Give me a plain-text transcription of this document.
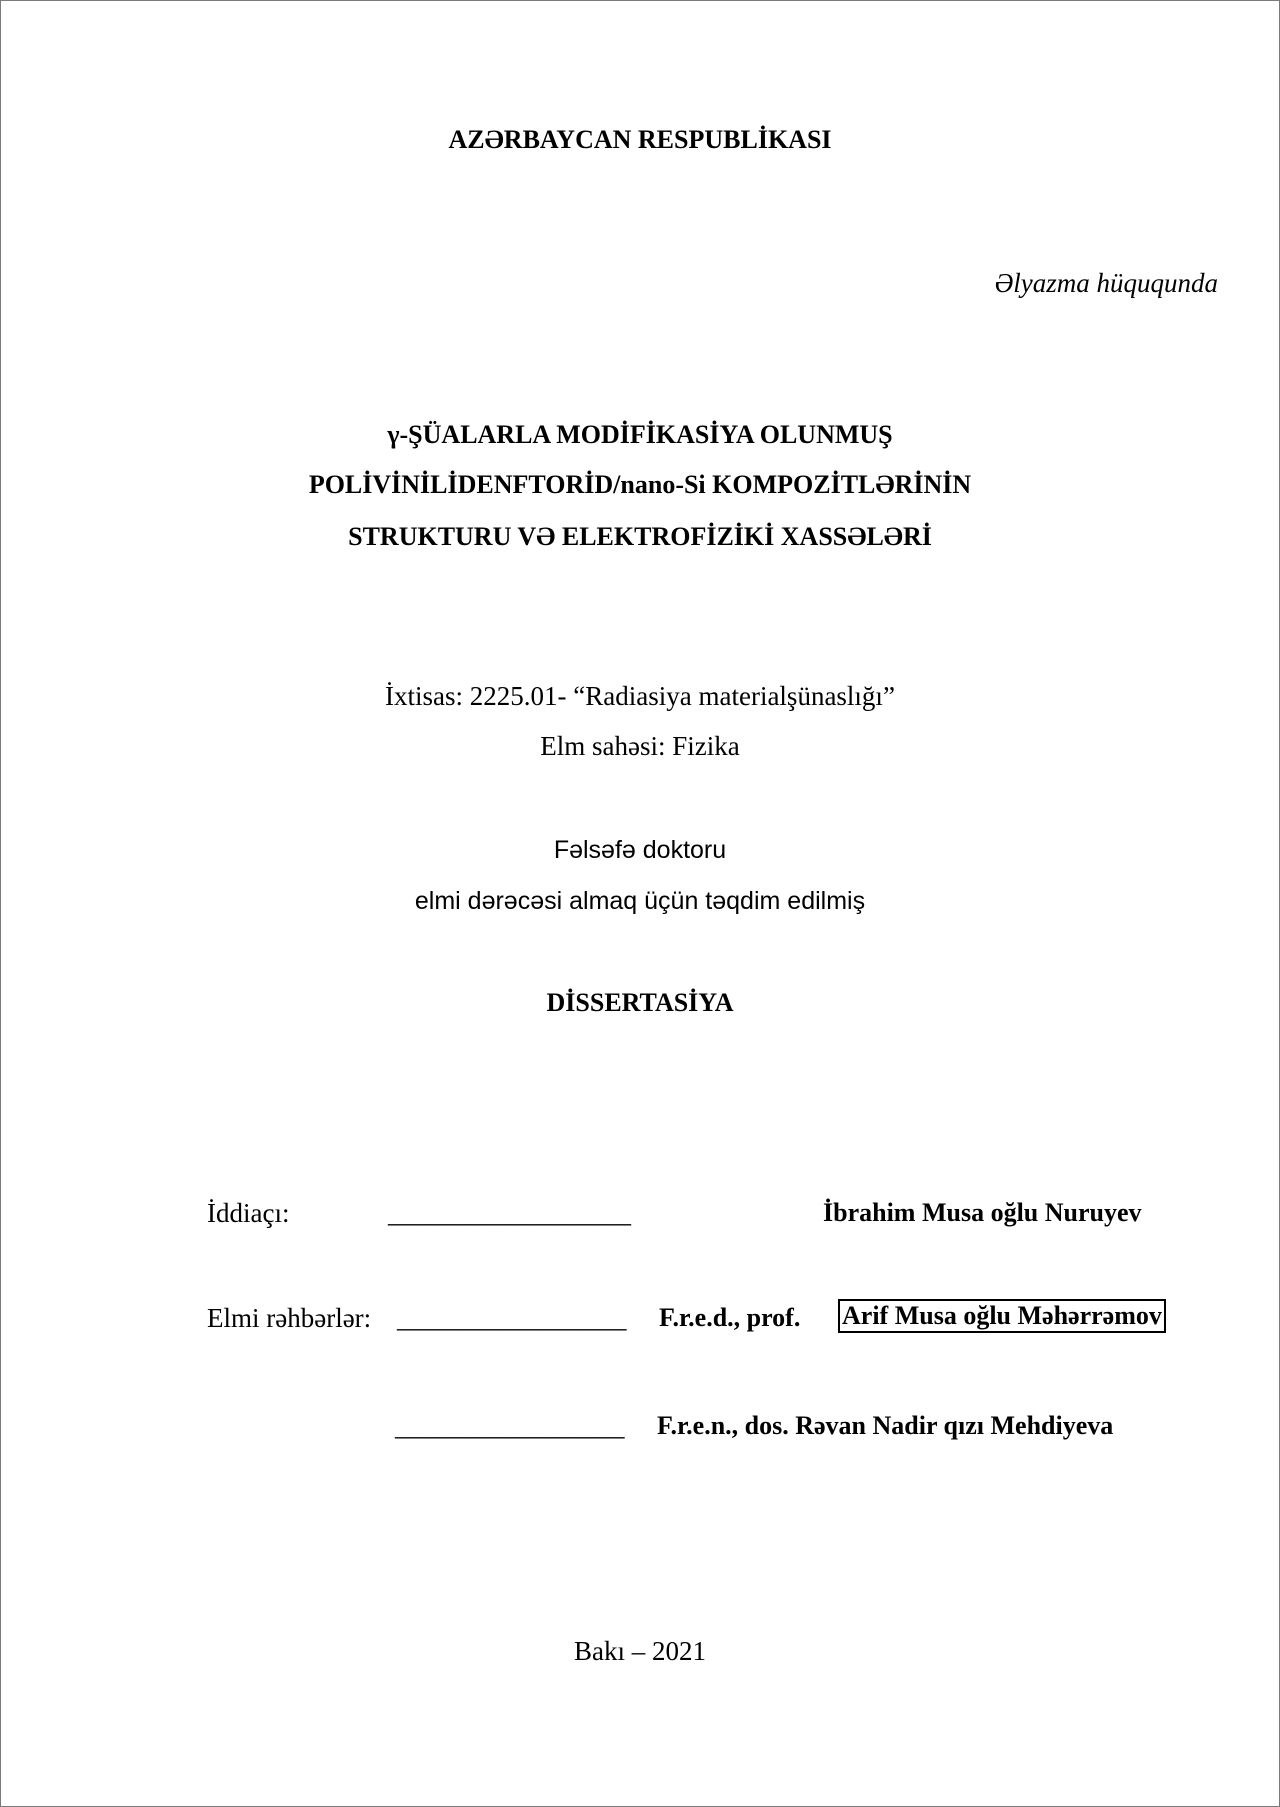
AZƏRBAYCAN RESPUBLİKASI
Əlyazma hüququnda
γ-ŞÜALARLA MODİFİKASİYA OLUNMUŞ
POLİVİNİLİDENFTORİD/nano-Si KOMPOZİTLƏRİNİN
STRUKTURU VƏ ELEKTROFİZİKİ XASSƏLƏRİ
İxtisas: 2225.01- “Radiasiya materialşünaslığı”
Elm sahəsi: Fizika
Fəlsəfə doktoru
elmi dərəcəsi almaq üçün təqdim edilmiş
DİSSERTASİYA
İddiaçı:	__________________	İbrahim Musa oğlu Nuruyev
Elmi rəhbərlər: _________________ F.r.e.d., prof. Arif Musa oğlu Məhərrəmov
_________________ F.r.e.n., dos. Rəvan Nadir qızı Mehdiyeva
Bakı – 2021
